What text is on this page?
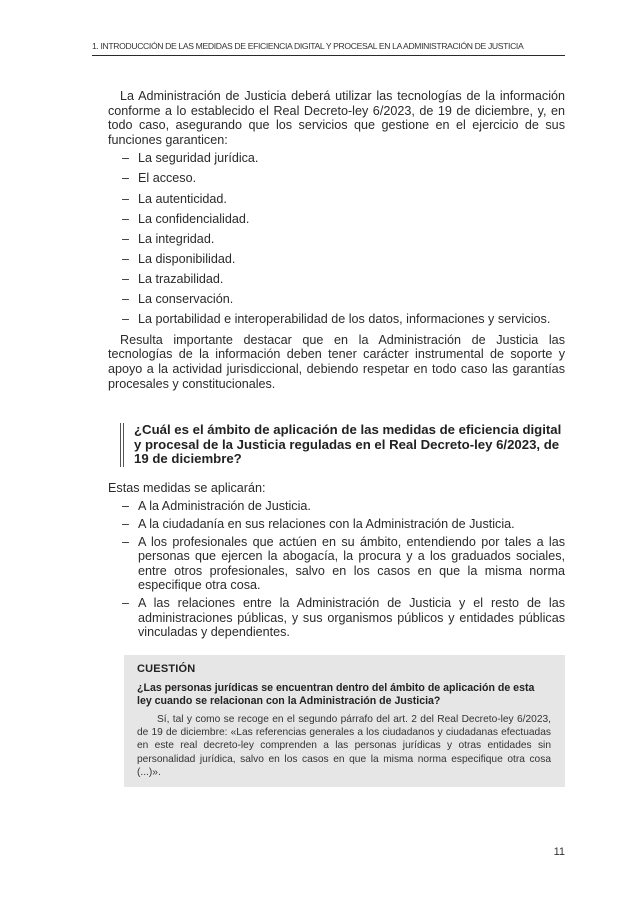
1. INTRODUCCIÓN DE LAS MEDIDAS DE EFICIENCIA DIGITAL Y PROCESAL EN LA ADMINISTRACIÓN DE JUSTICIA

La Administración de Justicia deberá utilizar las tecnologías de la información conforme a lo establecido el Real Decreto-ley 6/2023, de 19 de diciembre, y, en todo caso, asegurando que los servicios que gestione en el ejercicio de sus funciones garanticen:

– La seguridad jurídica.
– El acceso.
– La autenticidad.
– La confidencialidad.
– La integridad.
– La disponibilidad.
– La trazabilidad.
– La conservación.
– La portabilidad e interoperabilidad de los datos, informaciones y servicios.

Resulta importante destacar que en la Administración de Justicia las tecnologías de la información deben tener carácter instrumental de soporte y apoyo a la actividad jurisdiccional, debiendo respetar en todo caso las garantías procesales y constitucionales.

¿Cuál es el ámbito de aplicación de las medidas de eficiencia digital y procesal de la Justicia reguladas en el Real Decreto-ley 6/2023, de 19 de diciembre?

Estas medidas se aplicarán:

– A la Administración de Justicia.
– A la ciudadanía en sus relaciones con la Administración de Justicia.
– A los profesionales que actúen en su ámbito, entendiendo por tales a las personas que ejercen la abogacía, la procura y a los graduados sociales, entre otros profesionales, salvo en los casos en que la misma norma especifique otra cosa.
– A las relaciones entre la Administración de Justicia y el resto de las administraciones públicas, y sus organismos públicos y entidades públicas vinculadas y dependientes.
CUESTIÓN
¿Las personas jurídicas se encuentran dentro del ámbito de aplicación de esta ley cuando se relacionan con la Administración de Justicia?
Sí, tal y como se recoge en el segundo párrafo del art. 2 del Real Decreto-ley 6/2023, de 19 de diciembre: «Las referencias generales a los ciudadanos y ciudadanas efectuadas en este real decreto-ley comprenden a las personas jurídicas y otras entidades sin personalidad jurídica, salvo en los casos en que la misma norma especifique otra cosa (...)».
11
